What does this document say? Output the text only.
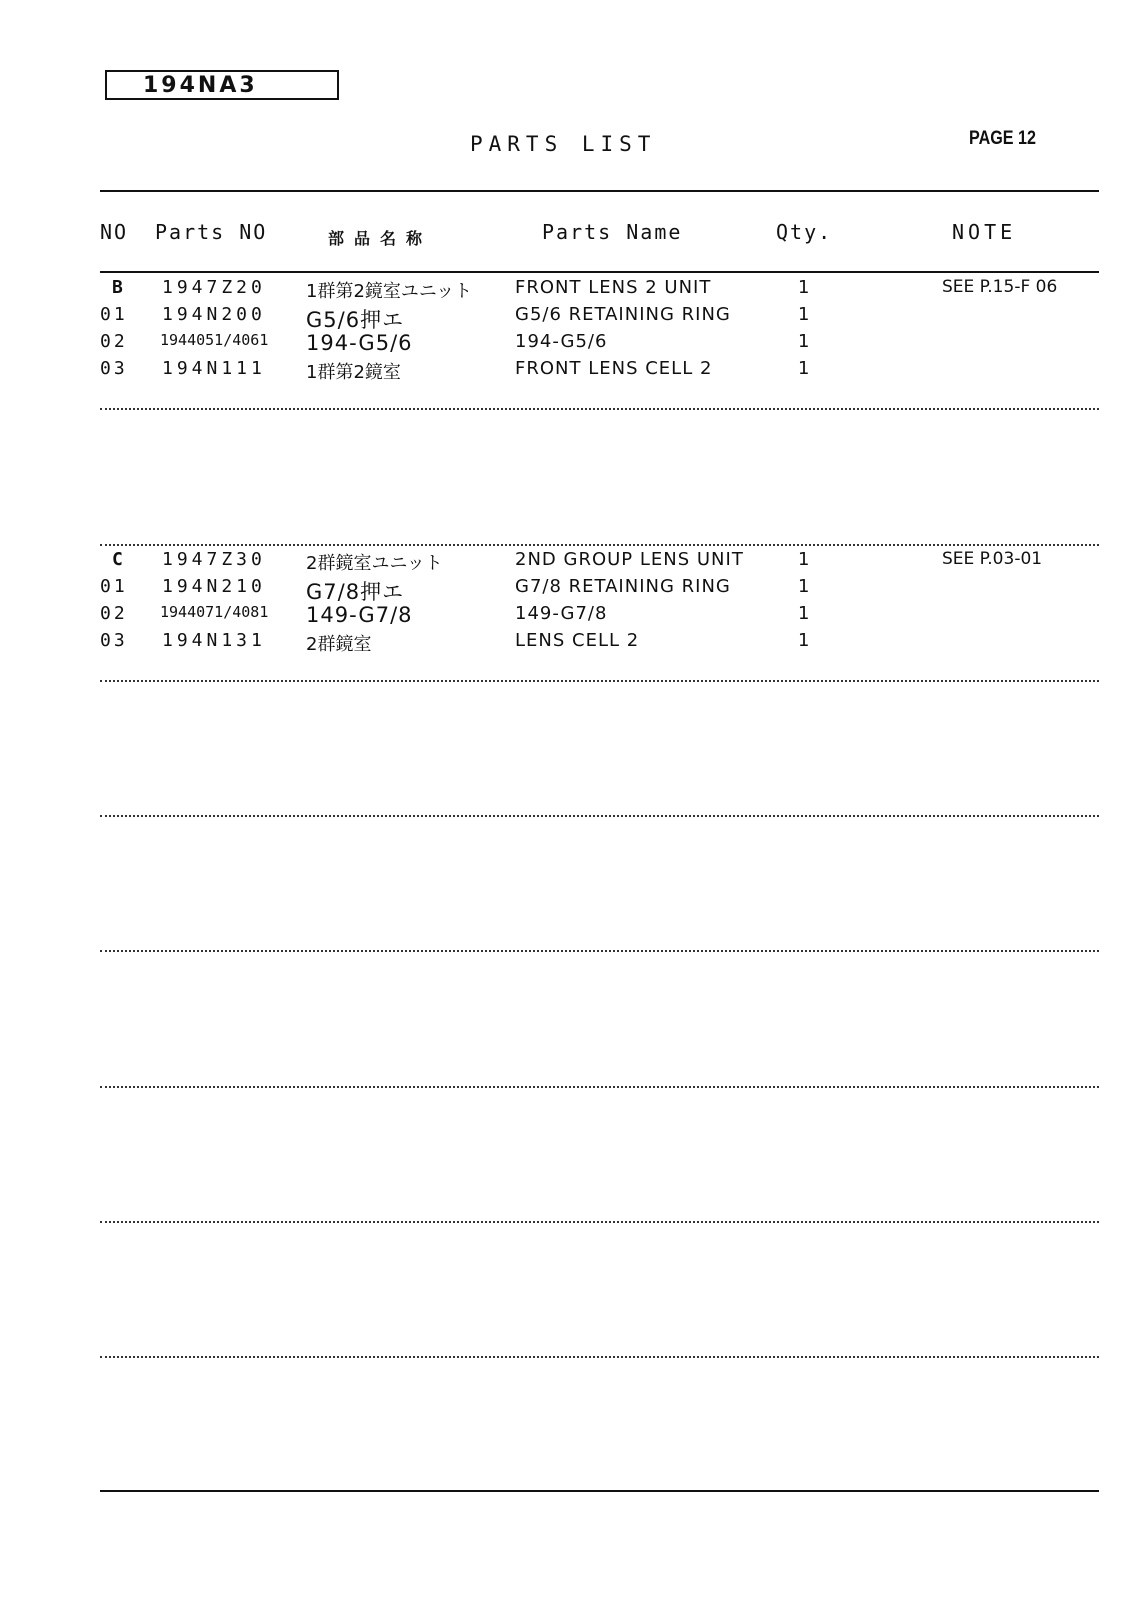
194NA3
PARTS LIST	PAGE 12
NO Parts NO	部品名称	Parts Name	Qty.	NOTE
B 1947Z20 1群第2鏡室ユニット FRONT LENS 2 UNIT	1	SEE P.15-F 06
01 194N200 G5/6押エ	G5/6 RETAINING RING	1
02 1944051/4061 194-G5/6	194-G5/6	1
03 194N111 1群第2鏡室	FRONT LENS CELL 2	1
C 1947Z30 2群鏡室ユニット	2ND GROUP LENS UNIT	1	SEE P.03-01
01 194N210 G7/8押エ	G7/8 RETAINING RING	1
02 1944071/4081 149-G7/8	149-G7/8	1
03 194N131 2群鏡室	LENS CELL 2	1
